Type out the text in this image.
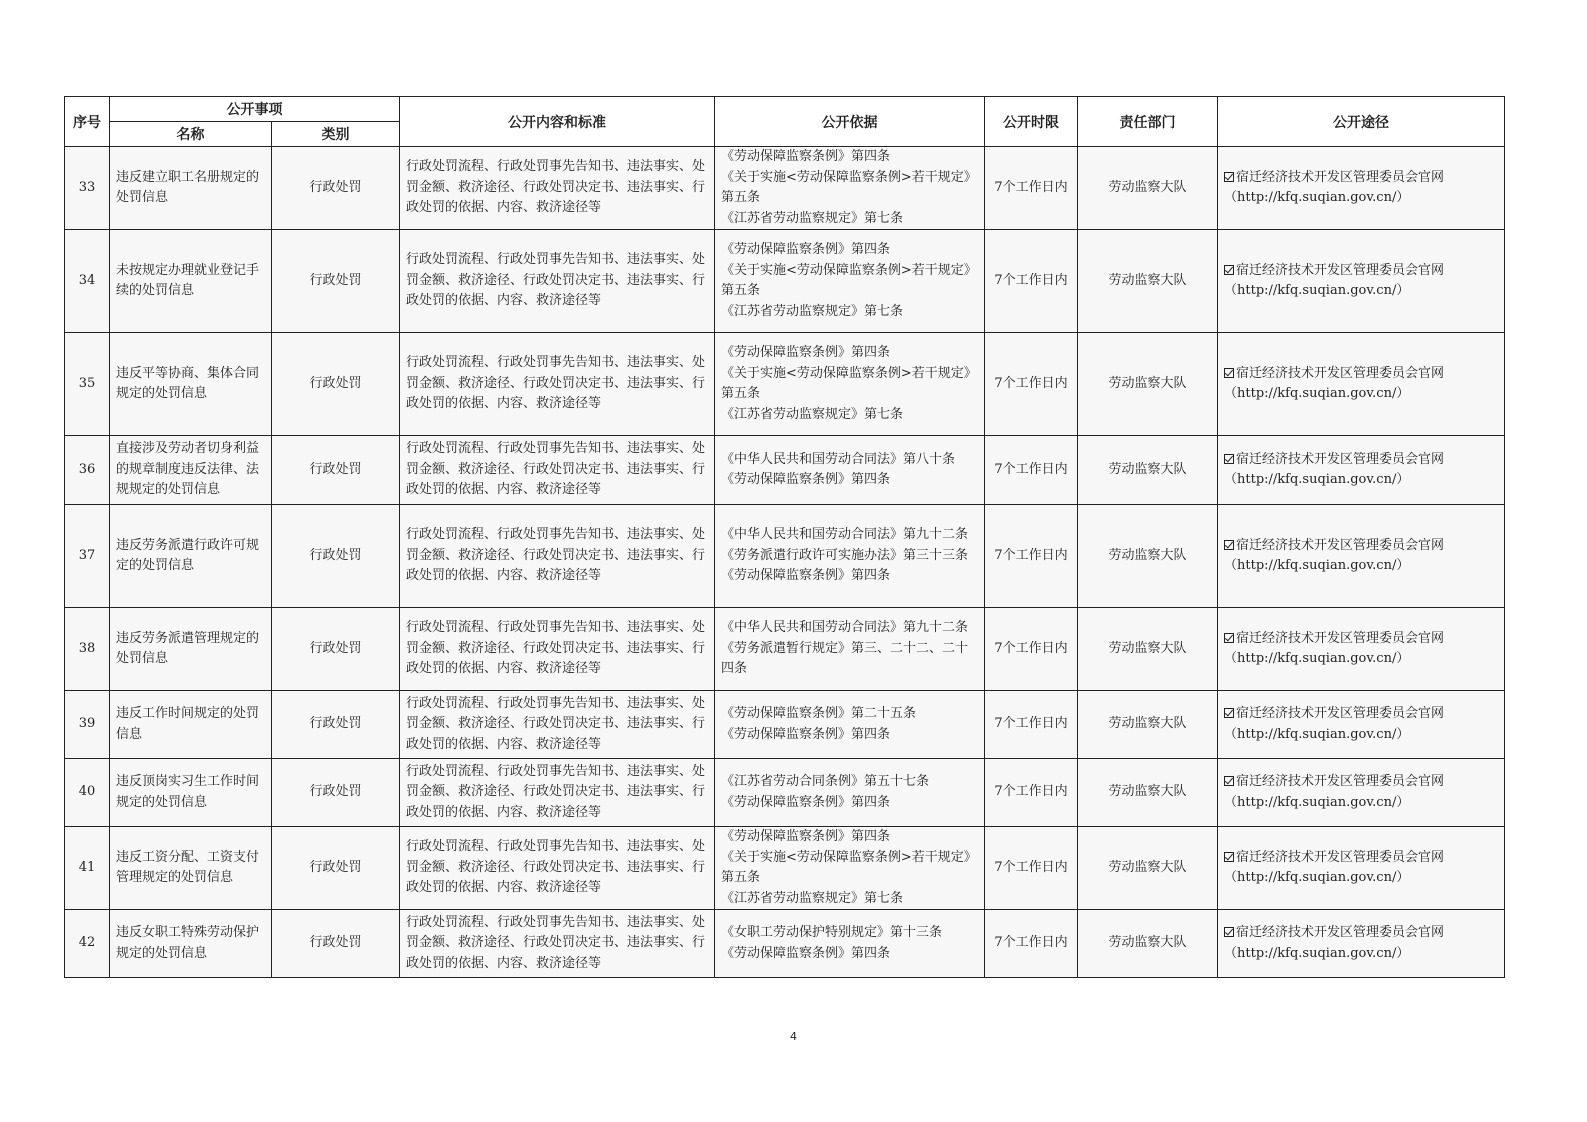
序号	公开事项		公开内容和标准	公开依据	公开时限	责任部门	公开途径
	名称	类别					
33	违反建立职工名册规定的处罚信息	行政处罚	行政处罚流程、行政处罚事先告知书、违法事实、处罚金额、救济途径、行政处罚决定书、违法事实、行政处罚的依据、内容、救济途径等	《劳动保障监察条例》第四条
《关于实施<劳动保障监察条例>若干规定》第五条
《江苏省劳动监察规定》第七条	7个工作日内	劳动监察大队	宿迁经济技术开发区管理委员会官网
（http://kfq.suqian.gov.cn/）

34	未按规定办理就业登记手续的处罚信息	行政处罚	行政处罚流程、行政处罚事先告知书、违法事实、处罚金额、救济途径、行政处罚决定书、违法事实、行政处罚的依据、内容、救济途径等	《劳动保障监察条例》第四条
《关于实施<劳动保障监察条例>若干规定》第五条
《江苏省劳动监察规定》第七条	7个工作日内	劳动监察大队	宿迁经济技术开发区管理委员会官网
（http://kfq.suqian.gov.cn/）

35	违反平等协商、集体合同规定的处罚信息	行政处罚	行政处罚流程、行政处罚事先告知书、违法事实、处罚金额、救济途径、行政处罚决定书、违法事实、行政处罚的依据、内容、救济途径等	《劳动保障监察条例》第四条
《关于实施<劳动保障监察条例>若干规定》第五条
《江苏省劳动监察规定》第七条	7个工作日内	劳动监察大队	宿迁经济技术开发区管理委员会官网
（http://kfq.suqian.gov.cn/）

36	直接涉及劳动者切身利益的规章制度违反法律、法规规定的处罚信息	行政处罚	行政处罚流程、行政处罚事先告知书、违法事实、处罚金额、救济途径、行政处罚决定书、违法事实、行政处罚的依据、内容、救济途径等	《中华人民共和国劳动合同法》第八十条
《劳动保障监察条例》第四条	7个工作日内	劳动监察大队	宿迁经济技术开发区管理委员会官网
（http://kfq.suqian.gov.cn/）

37	违反劳务派遣行政许可规定的处罚信息	行政处罚	行政处罚流程、行政处罚事先告知书、违法事实、处罚金额、救济途径、行政处罚决定书、违法事实、行政处罚的依据、内容、救济途径等	《中华人民共和国劳动合同法》第九十二条
《劳务派遣行政许可实施办法》第三十三条
《劳动保障监察条例》第四条	7个工作日内	劳动监察大队	宿迁经济技术开发区管理委员会官网
（http://kfq.suqian.gov.cn/）

38	违反劳务派遣管理规定的处罚信息	行政处罚	行政处罚流程、行政处罚事先告知书、违法事实、处罚金额、救济途径、行政处罚决定书、违法事实、行政处罚的依据、内容、救济途径等	《中华人民共和国劳动合同法》第九十二条
《劳务派遣暂行规定》第三、二十二、二十四条	7个工作日内	劳动监察大队	宿迁经济技术开发区管理委员会官网
（http://kfq.suqian.gov.cn/）

39	违反工作时间规定的处罚信息	行政处罚	行政处罚流程、行政处罚事先告知书、违法事实、处罚金额、救济途径、行政处罚决定书、违法事实、行政处罚的依据、内容、救济途径等	《劳动保障监察条例》第二十五条
《劳动保障监察条例》第四条	7个工作日内	劳动监察大队	宿迁经济技术开发区管理委员会官网
（http://kfq.suqian.gov.cn/）

40	违反顶岗实习生工作时间规定的处罚信息	行政处罚	行政处罚流程、行政处罚事先告知书、违法事实、处罚金额、救济途径、行政处罚决定书、违法事实、行政处罚的依据、内容、救济途径等	《江苏省劳动合同条例》第五十七条
《劳动保障监察条例》第四条	7个工作日内	劳动监察大队	宿迁经济技术开发区管理委员会官网
（http://kfq.suqian.gov.cn/）

41	违反工资分配、工资支付管理规定的处罚信息	行政处罚	行政处罚流程、行政处罚事先告知书、违法事实、处罚金额、救济途径、行政处罚决定书、违法事实、行政处罚的依据、内容、救济途径等	《劳动保障监察条例》第四条
《关于实施<劳动保障监察条例>若干规定》第五条
《江苏省劳动监察规定》第七条	7个工作日内	劳动监察大队	宿迁经济技术开发区管理委员会官网
（http://kfq.suqian.gov.cn/）

42	违反女职工特殊劳动保护规定的处罚信息	行政处罚	行政处罚流程、行政处罚事先告知书、违法事实、处罚金额、救济途径、行政处罚决定书、违法事实、行政处罚的依据、内容、救济途径等	《女职工劳动保护特别规定》第十三条
《劳动保障监察条例》第四条	7个工作日内	劳动监察大队	宿迁经济技术开发区管理委员会官网
（http://kfq.suqian.gov.cn/）
4
